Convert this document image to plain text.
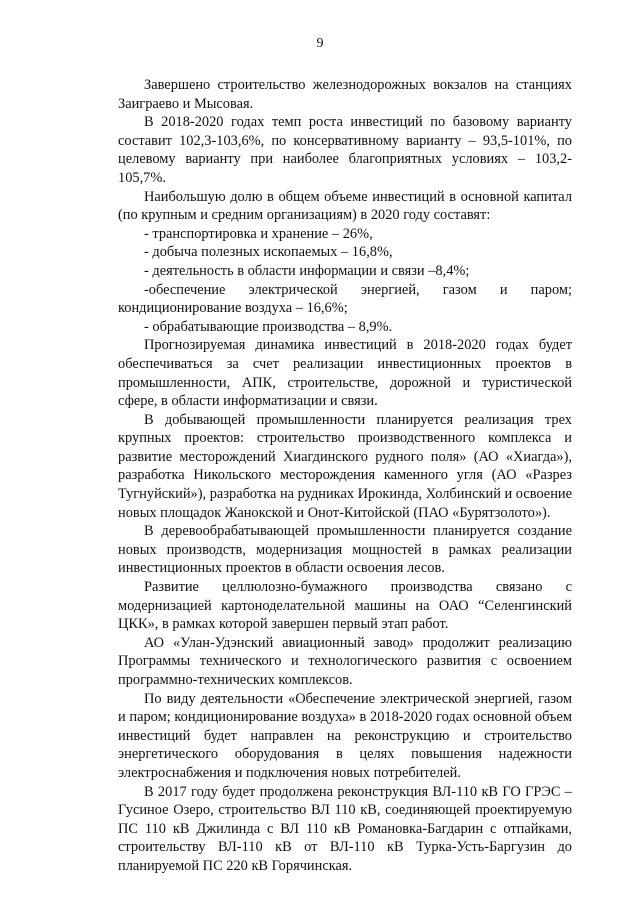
9

Завершено строительство железнодорожных вокзалов на станциях Заиграево и Мысовая.

В 2018-2020 годах темп роста инвестиций по базовому варианту составит 102,3-103,6%, по консервативному варианту – 93,5-101%, по целевому варианту при наиболее благоприятных условиях – 103,2-105,7%.

Наибольшую долю в общем объеме инвестиций в основной капитал (по крупным и средним организациям) в 2020 году составят:

- транспортировка и хранение – 26%,

- добыча полезных ископаемых – 16,8%,

- деятельность в области информации и связи –8,4%;

-обеспечение электрической энергией, газом и паром; кондиционирование воздуха – 16,6%;

- обрабатывающие производства – 8,9%.

Прогнозируемая динамика инвестиций в 2018-2020 годах будет обеспечиваться за счет реализации инвестиционных проектов в промышленности, АПК, строительстве, дорожной и туристической сфере, в области информатизации и связи.

В добывающей промышленности планируется реализация трех крупных проектов: строительство производственного комплекса и развитие месторождений Хиагдинского рудного поля» (АО «Хиагда»), разработка Никольского месторождения каменного угля (АО «Разрез Тугнуйский»), разработка на рудниках Ирокинда, Холбинский и освоение новых площадок Жанокской и Онот-Китойской (ПАО «Бурятзолото»).

В деревообрабатывающей промышленности планируется создание новых производств, модернизация мощностей в рамках реализации инвестиционных проектов в области освоения лесов.

Развитие целлюлозно-бумажного производства связано с модернизацией картоноделательной машины на ОАО “Селенгинский ЦКК», в рамках которой завершен первый этап работ.

АО «Улан-Удэнский авиационный завод» продолжит реализацию Программы технического и технологического развития с освоением программно-технических комплексов.

По виду деятельности «Обеспечение электрической энергией, газом и паром; кондиционирование воздуха» в 2018-2020 годах основной объем инвестиций будет направлен на реконструкцию и строительство энергетического оборудования в целях повышения надежности электроснабжения и подключения новых потребителей.

В 2017 году будет продолжена реконструкция ВЛ-110 кВ ГО ГРЭС – Гусиное Озеро, строительство ВЛ 110 кВ, соединяющей проектируемую ПС 110 кВ Джилинда с ВЛ 110 кВ Романовка-Багдарин с отпайками, строительству ВЛ-110 кВ от ВЛ-110 кВ Турка-Усть-Баргузин до планируемой ПС 220 кВ Горячинская.
